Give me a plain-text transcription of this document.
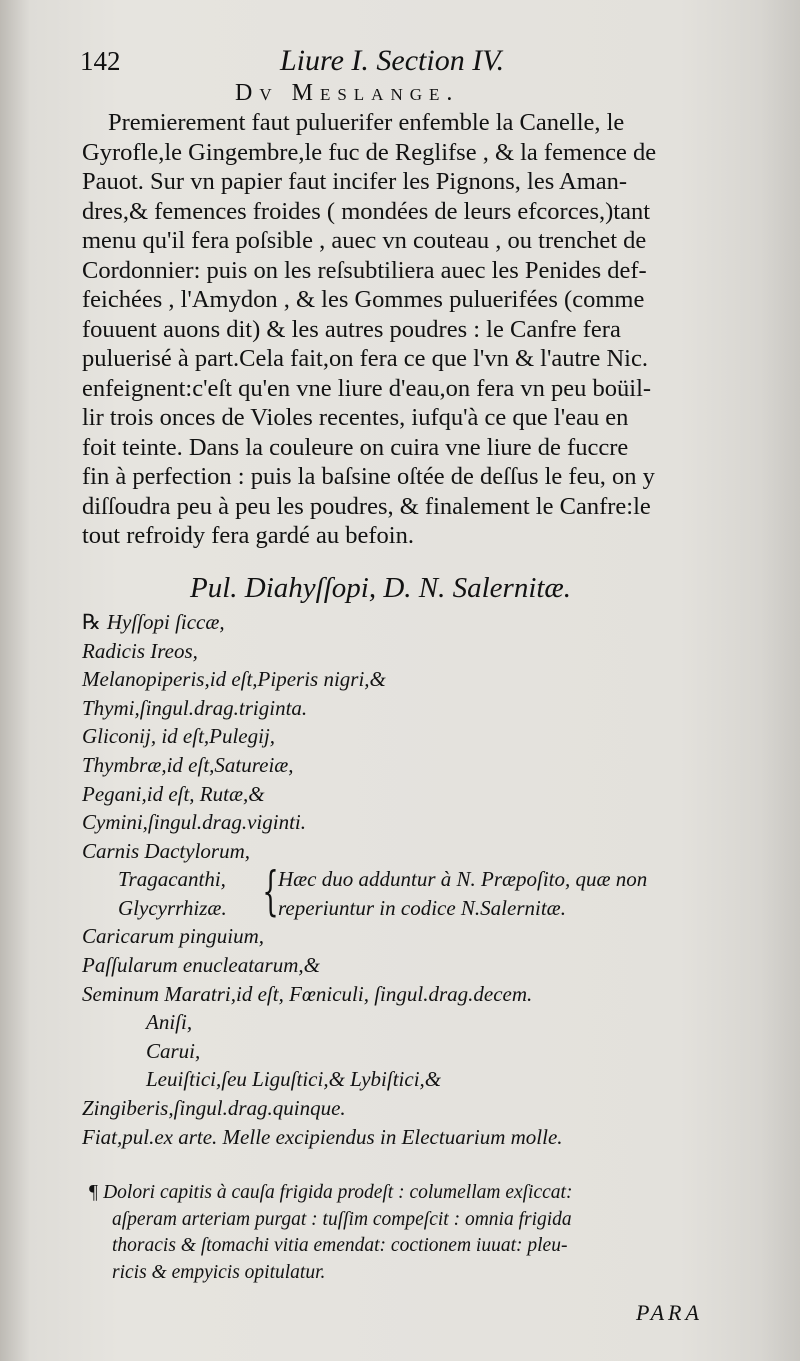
142	Liure I. Section IV.
Dv Meslange.
Premierement faut puluerifer enfemble la Canelle, le
Gyrofle,le Gingembre,le fuc de Reglifse , & la femence de
Pauot. Sur vn papier faut incifer les Pignons, les Aman-
dres,& femences froides ( mondées de leurs efcorces,)tant
menu qu'il fera poſsible , auec vn couteau , ou trenchet de
Cordonnier: puis on les reſsubtiliera auec les Penides def-
feichées , l'Amydon , & les Gommes puluerifées (comme
fouuent auons dit) & les autres poudres : le Canfre fera
puluerisé à part.Cela fait,on fera ce que l'vn & l'autre Nic.
enfeignent:c'eſt qu'en vne liure d'eau,on fera vn peu boüil-
lir trois onces de Violes recentes, iufqu'à ce que l'eau en
foit teinte. Dans la couleure on cuira vne liure de fuccre
fin à perfection : puis la baſsine oſtée de deſſus le feu, on y
diſſoudra peu à peu les poudres, & finalement le Canfre:le
tout refroidy fera gardé au befoin.
Pul. Diahyſſopi, D. N. Salernitæ.
℞ Hyſſopi ſiccæ,
Radicis Ireos,
Melanopiperis,id eſt,Piperis nigri,&
Thymi,ſingul.drag.triginta.
Gliconij, id eſt,Pulegij,
Thymbræ,id eſt,Satureiæ,
Pegani,id eſt, Rutæ,&
Cymini,ſingul.drag.viginti.
Carnis Dactylorum,
Tragacanthi,
Glycyrrhizæ. { Hæc duo adduntur à N. Præpoſito, quæ non
reperiuntur in codice N.Salernitæ.
Caricarum pinguium,
Paſſularum enucleatarum,&
Seminum Maratri,id eſt, Fœniculi, ſingul.drag.decem.
Aniſi,
Carui,
Leuiſtici,ſeu Liguſtici,& Lybiſtici,&
Zingiberis,ſingul.drag.quinque.
Fiat,pul.ex arte. Melle excipiendus in Electuarium molle.
¶ Dolori capitis à cauſa frigida prodeſt : columellam exſiccat:
aſperam arteriam purgat : tuſſim compeſcit : omnia frigida
thoracis & ſtomachi vitia emendat: coctionem iuuat: pleu-
ricis & empyicis opitulatur.
PARA
